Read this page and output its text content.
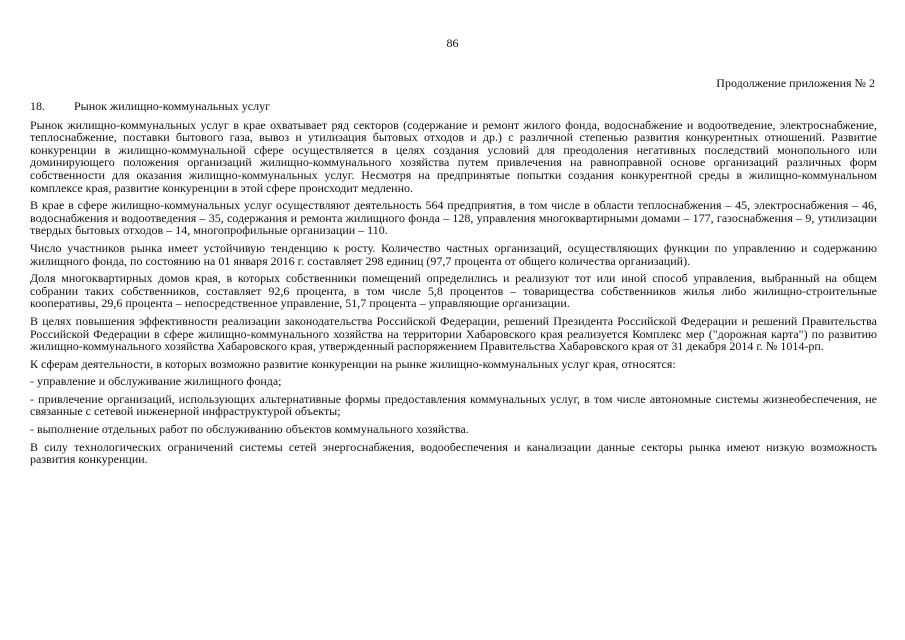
86
Продолжение приложения № 2
18. Рынок жилищно-коммунальных услуг

Рынок жилищно-коммунальных услуг в крае охватывает ряд секторов (содержание и ремонт жилого фонда, водоснабжение и водоотведение, электроснабжение, теплоснабжение, поставки бытового газа, вывоз и утилизация бытовых отходов и др.) с различной степенью развития конкурентных отношений. Развитие конкуренции в жилищно-коммунальной сфере осуществляется в целях создания условий для преодоления негативных последствий монопольного или доминирующего положения организаций жилищно-коммунального хозяйства путем привлечения на равноправной основе организаций различных форм собственности для оказания жилищно-коммунальных услуг. Несмотря на предпринятые попытки создания конкурентной среды в жилищно-коммунальном комплексе края, развитие конкуренции в этой сфере происходит медленно.

В крае в сфере жилищно-коммунальных услуг осуществляют деятельность 564 предприятия, в том числе в области теплоснабжения – 45, электроснабжения – 46, водоснабжения и водоотведения – 35, содержания и ремонта жилищного фонда – 128, управления многоквартирными домами – 177, газоснабжения – 9, утилизации твердых бытовых отходов – 14, многопрофильные организации – 110.

Число участников рынка имеет устойчивую тенденцию к росту. Количество частных организаций, осуществляющих функции по управлению и содержанию жилищного фонда, по состоянию на 01 января 2016 г. составляет 298 единиц (97,7 процента от общего количества организаций).

Доля многоквартирных домов края, в которых собственники помещений определились и реализуют тот или иной способ управления, выбранный на общем собрании таких собственников, составляет 92,6 процента, в том числе 5,8 процентов – товарищества собственников жилья либо жилищно-строительные кооперативы, 29,6 процента – непосредственное управление, 51,7 процента – управляющие организации.

В целях повышения эффективности реализации законодательства Российской Федерации, решений Президента Российской Федерации и решений Правительства Российской Федерации в сфере жилищно-коммунального хозяйства на территории Хабаровского края реализуется Комплекс мер ("дорожная карта") по развитию жилищно-коммунального хозяйства Хабаровского края, утвержденный распоряжением Правительства Хабаровского края от 31 декабря 2014 г. № 1014-рп.

К сферам деятельности, в которых возможно развитие конкуренции на рынке жилищно-коммунальных услуг края, относятся:

- управление и обслуживание жилищного фонда;

- привлечение организаций, использующих альтернативные формы предоставления коммунальных услуг, в том числе автономные системы жизнеобеспечения, не связанные с сетевой инженерной инфраструктурой объекты;

- выполнение отдельных работ по обслуживанию объектов коммунального хозяйства.

В силу технологических ограничений системы сетей энергоснабжения, водообеспечения и канализации данные секторы рынка имеют низкую возможность развития конкуренции.
